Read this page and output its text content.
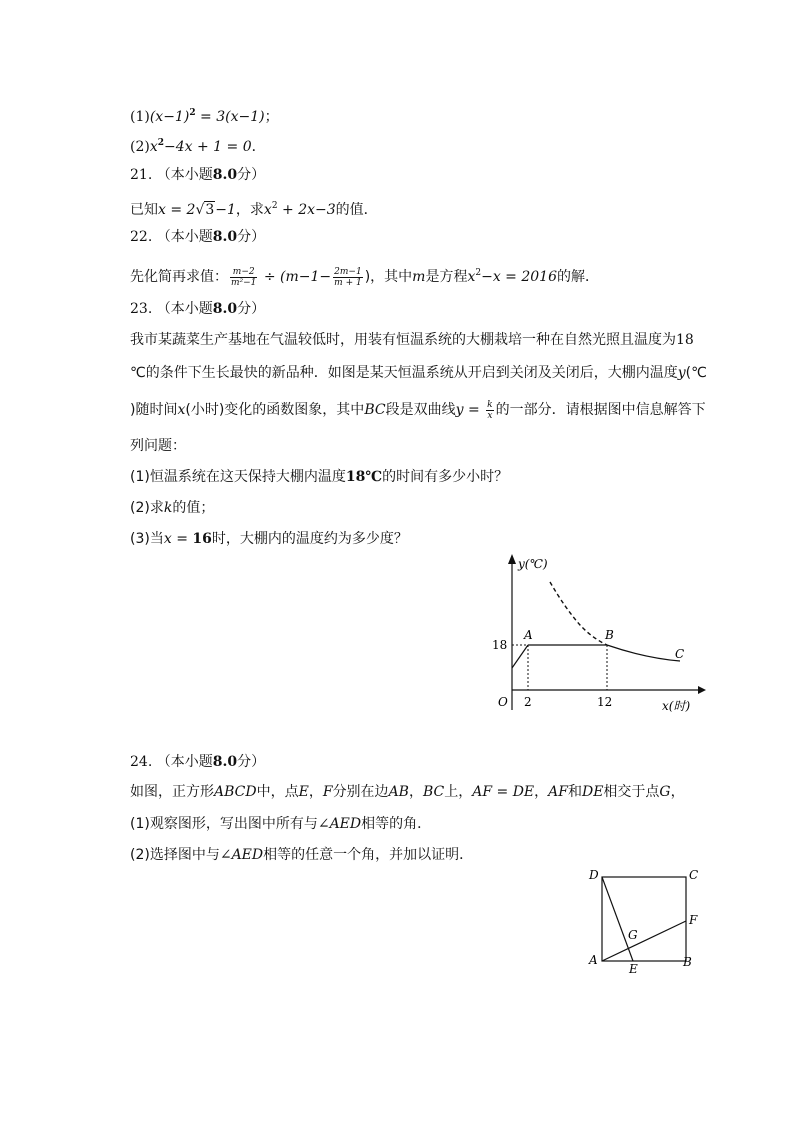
$(1)(x-1)^2 = 3(x-1)$；
$(2)x^2-4x + 1 = 0$．
21. （本小题8.0分）
已知x = 2√3−1，求$x^2 + 2x-3$的值．
22. （本小题8.0分）
先化简再求值： $\frac{m-2}{\text{m²−1}} \div (m-1- \frac{2m-1}{m + 1}$ )，其中m是方程$x^2-x = 2016$的解．
23. （本小题8.0分）
我市某蔬菜生产基地在气温较低时，用装有恒温系统的大棚栽培一种在自然光照且温度为18
℃的条件下生长最快的新品种．如图是某天恒温系统从开启到关闭及关闭后，大棚内温度y(℃
)随时间x(小时)变化的函数图象，其中BC段是双曲线$y = \frac{k}{x}$ 的一部分．请根据图中信息解答下
列问题：
(1)恒温系统在这天保持大棚内温度18℃的时间有多少小时？
(2)求k的值；
(3)当x = 16时，大棚内的温度约为多少度？
y(℃)
x(时)
O
18
2	12
A	B
C
24. （本小题8.0分）
如图，正方形ABCD中，点E，F分别在边AB，BC上，AF = DE，AF和DE相交于点G，
(1)观察图形，写出图中所有与∠AED相等的角．
(2)选择图中与∠AED相等的任意一个角，并加以证明．
D	C
F
G
A
E	B
